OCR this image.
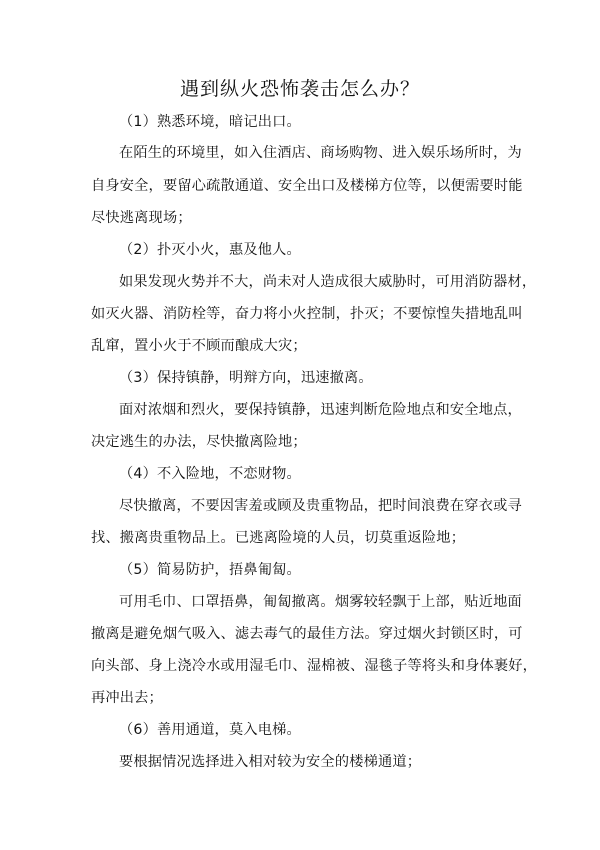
遇到纵火恐怖袭击怎么办？
（1）熟悉环境，暗记出口。
在陌生的环境里，如入住酒店、商场购物、进入娱乐场所时，为
自身安全，要留心疏散通道、安全出口及楼梯方位等，以便需要时能
尽快逃离现场；
（2）扑灭小火，惠及他人。
如果发现火势并不大，尚未对人造成很大威胁时，可用消防器材，
如灭火器、消防栓等，奋力将小火控制，扑灭；不要惊惶失措地乱叫
乱窜，置小火于不顾而酿成大灾；
（3）保持镇静，明辩方向，迅速撤离。
面对浓烟和烈火，要保持镇静，迅速判断危险地点和安全地点，
决定逃生的办法，尽快撤离险地；
（4）不入险地，不恋财物。
尽快撤离，不要因害羞或顾及贵重物品，把时间浪费在穿衣或寻
找、搬离贵重物品上。已逃离险境的人员，切莫重返险地；
（5）简易防护，捂鼻匍匐。
可用毛巾、口罩捂鼻，匍匐撤离。烟雾较轻飘于上部，贴近地面
撤离是避免烟气吸入、滤去毒气的最佳方法。穿过烟火封锁区时，可
向头部、身上浇冷水或用湿毛巾、湿棉被、湿毯子等将头和身体裹好，
再冲出去；
（6）善用通道，莫入电梯。
要根据情况选择进入相对较为安全的楼梯通道；
